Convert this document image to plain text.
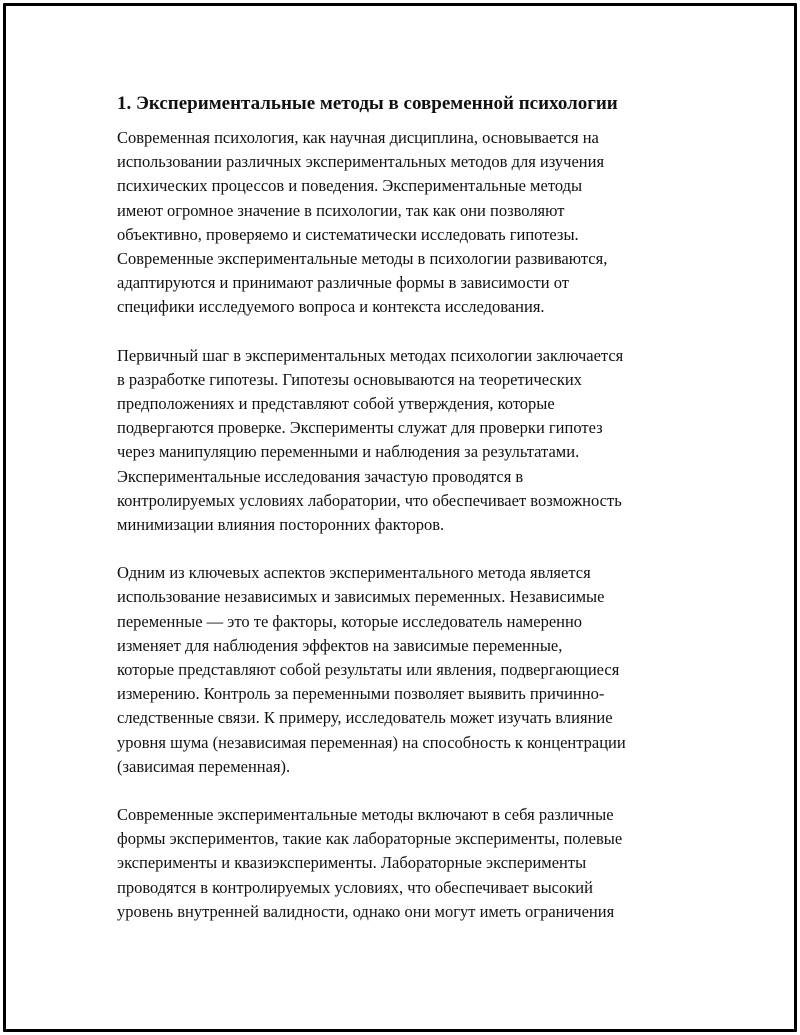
1. Экспериментальные методы в современной психологии

Современная психология, как научная дисциплина, основывается на
использовании различных экспериментальных методов для изучения
психических процессов и поведения. Экспериментальные методы
имеют огромное значение в психологии, так как они позволяют
объективно, проверяемо и систематически исследовать гипотезы.
Современные экспериментальные методы в психологии развиваются,
адаптируются и принимают различные формы в зависимости от
специфики исследуемого вопроса и контекста исследования.

Первичный шаг в экспериментальных методах психологии заключается
в разработке гипотезы. Гипотезы основываются на теоретических
предположениях и представляют собой утверждения, которые
подвергаются проверке. Эксперименты служат для проверки гипотез
через манипуляцию переменными и наблюдения за результатами.
Экспериментальные исследования зачастую проводятся в
контролируемых условиях лаборатории, что обеспечивает возможность
минимизации влияния посторонних факторов.

Одним из ключевых аспектов экспериментального метода является
использование независимых и зависимых переменных. Независимые
переменные — это те факторы, которые исследователь намеренно
изменяет для наблюдения эффектов на зависимые переменные,
которые представляют собой результаты или явления, подвергающиеся
измерению. Контроль за переменными позволяет выявить причинно-
следственные связи. К примеру, исследователь может изучать влияние
уровня шума (независимая переменная) на способность к концентрации
(зависимая переменная).

Современные экспериментальные методы включают в себя различные
формы экспериментов, такие как лабораторные эксперименты, полевые
эксперименты и квазиэксперименты. Лабораторные эксперименты
проводятся в контролируемых условиях, что обеспечивает высокий
уровень внутренней валидности, однако они могут иметь ограничения
